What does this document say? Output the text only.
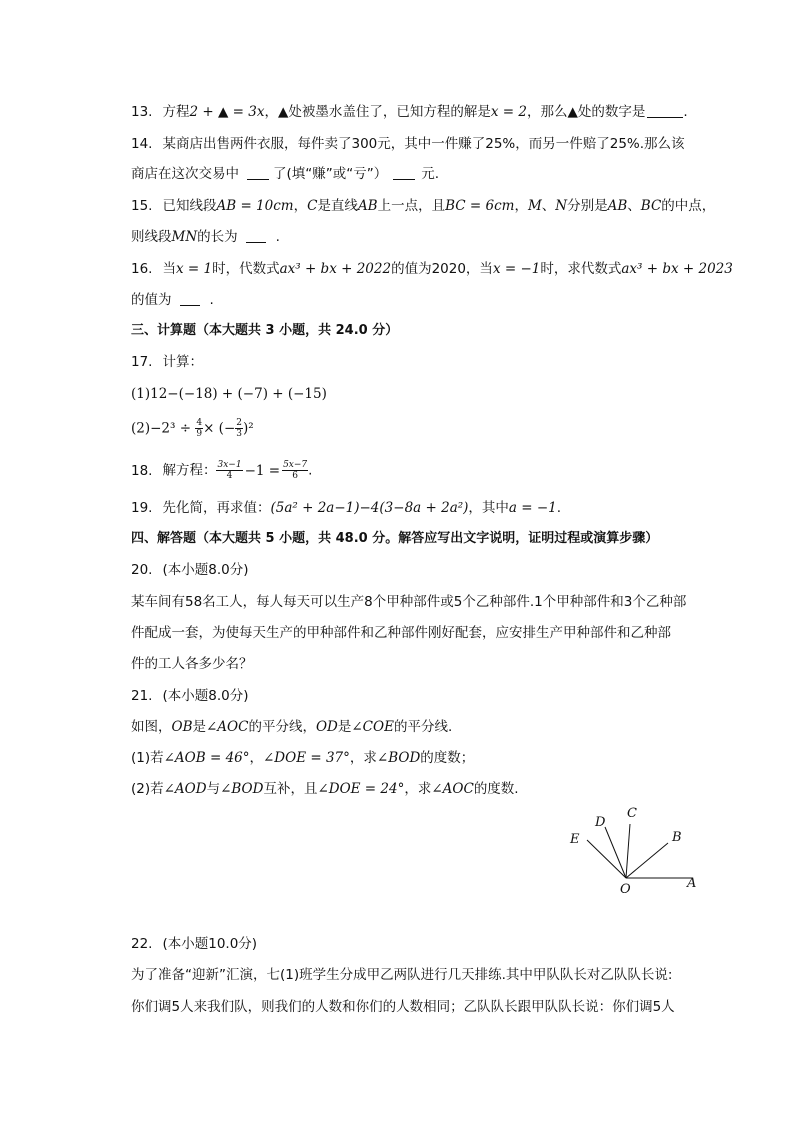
13. 方程2 + ▲ = 3x，▲处被墨水盖住了，已知方程的解是x = 2，那么▲处的数字是	.
14. 某商店出售两件衣服，每件卖了300元，其中一件赚了25%，而另一件赔了25%.那么该
商店在这次交易中	了(填“赚”或“亏”）	元.
15. 已知线段AB = 10cm，C是直线AB上一点，且BC = 6cm，M、N分别是AB、BC的中点，
则线段MN的长为	.
16. 当x = 1时，代数式ax³ + bx + 2022的值为2020，当x = −1时，求代数式ax³ + bx + 2023
的值为	.
三、计算题（本大题共 3 小题，共 24.0 分）
17. 计算：
(1)12−(−18) + (−7) + (−15)
$(2)-2^3 \div \frac{4}{9}$ × (− $\frac{2}{3} )^2$
18. 解方程： $\frac{3x-1}{4} -1 = \frac{5x-7}{6}$ .
19. 先化简，再求值：(5a² + 2a−1)−4(3−8a + 2a²)，其中a = −1.
四、解答题（本大题共 5 小题，共 48.0 分。解答应写出文字说明，证明过程或演算步骤）
20. (本小题8.0分)
某车间有58名工人，每人每天可以生产8个甲种部件或5个乙种部件.1个甲种部件和3个乙种部
件配成一套，为使每天生产的甲种部件和乙种部件刚好配套，应安排生产甲种部件和乙种部
件的工人各多少名？
21. (本小题8.0分)
如图，OB是∠AOC的平分线，OD是∠COE的平分线.
(1)若∠AOB = 46°，∠DOE = 37°，求∠BOD的度数；
(2)若∠AOD与∠BOD互补，且∠DOE = 24°，求∠AOC的度数.
D
C
B
E
O	A
22. (本小题10.0分)
为了准备“迎新”汇演，七(1)班学生分成甲乙两队进行几天排练.其中甲队队长对乙队队长说:
你们调5人来我们队，则我们的人数和你们的人数相同；乙队队长跟甲队队长说：你们调5人
